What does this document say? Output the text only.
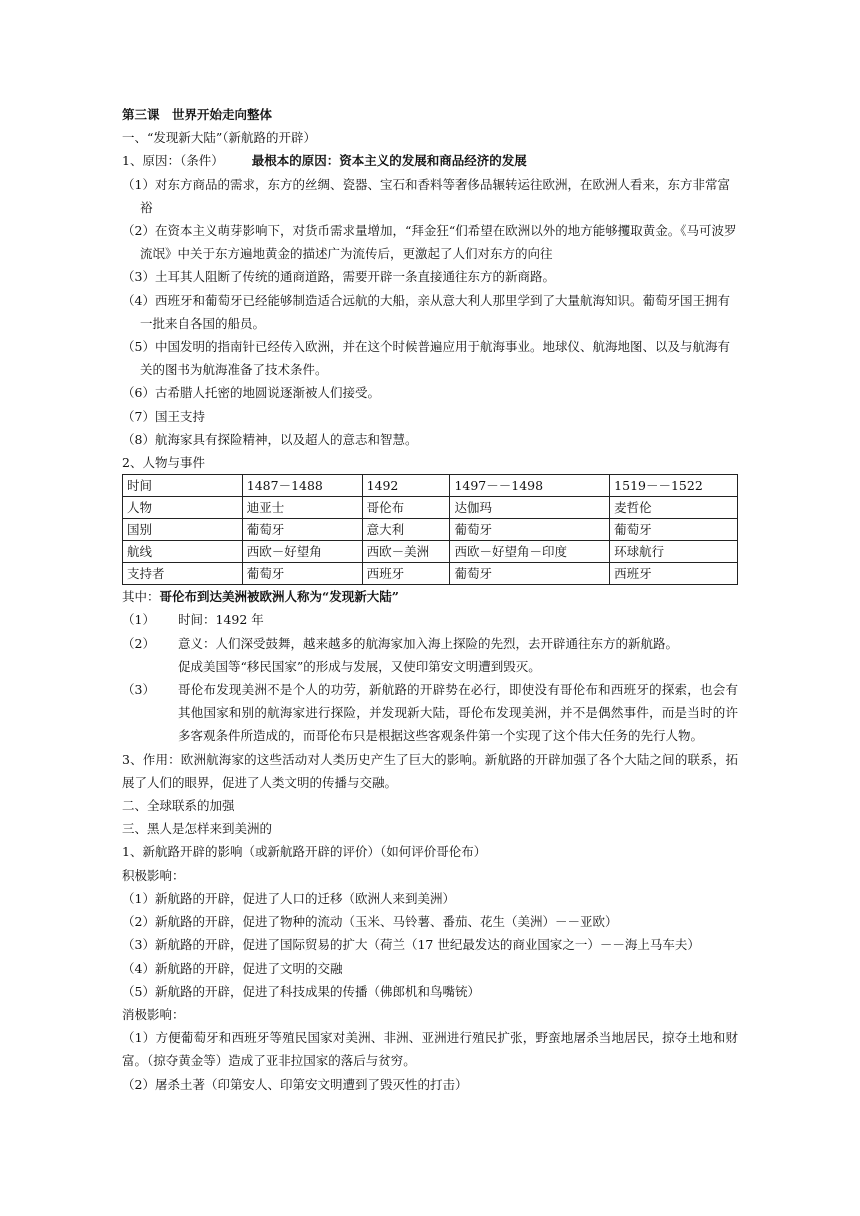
第三课　世界开始走向整体
一、“发现新大陆”（新航路的开辟）
1、原因：（条件） 最根本的原因：资本主义的发展和商品经济的发展
（1）对东方商品的需求，东方的丝绸、瓷器、宝石和香料等奢侈品辗转运往欧洲，在欧洲人看来，东方非常富裕
（2）在资本主义萌芽影响下，对货币需求量增加，“拜金狂“们希望在欧洲以外的地方能够攫取黄金。《马可波罗流氓》中关于东方遍地黄金的描述广为流传后，更激起了人们对东方的向往
（3）土耳其人阻断了传统的通商道路，需要开辟一条直接通往东方的新商路。
（4）西班牙和葡萄牙已经能够制造适合远航的大船，亲从意大利人那里学到了大量航海知识。葡萄牙国王拥有一批来自各国的船员。
（5）中国发明的指南针已经传入欧洲，并在这个时候普遍应用于航海事业。地球仪、航海地图、以及与航海有关的图书为航海准备了技术条件。
（6）古希腊人托密的地圆说逐渐被人们接受。
（7）国王支持
（8）航海家具有探险精神，以及超人的意志和智慧。
2、人物与事件
时间	1487－1488	1492	1497－－1498	1519－－1522
人物	迪亚士	哥伦布	达伽玛	麦哲伦
国别	葡萄牙	意大利	葡萄牙	葡萄牙
航线	西欧－好望角	西欧－美洲	西欧－好望角－印度	环球航行
支持者	葡萄牙	西班牙	葡萄牙	西班牙
其中：哥伦布到达美洲被欧洲人称为“发现新大陆”
（1）	时间：1492 年
（2）	意义：人们深受鼓舞，越来越多的航海家加入海上探险的先烈，去开辟通往东方的新航路。
促成美国等“移民国家”的形成与发展，又使印第安文明遭到毁灭。
（3）	哥伦布发现美洲不是个人的功劳，新航路的开辟势在必行，即使没有哥伦布和西班牙的探索，也会有其他国家和别的航海家进行探险，并发现新大陆，哥伦布发现美洲，并不是偶然事件，而是当时的许多客观条件所造成的，而哥伦布只是根据这些客观条件第一个实现了这个伟大任务的先行人物。
3、作用：欧洲航海家的这些活动对人类历史产生了巨大的影响。新航路的开辟加强了各个大陆之间的联系，拓展了人们的眼界，促进了人类文明的传播与交融。
二、全球联系的加强
三、黑人是怎样来到美洲的
1、新航路开辟的影响（或新航路开辟的评价）（如何评价哥伦布）
积极影响：
（1）新航路的开辟，促进了人口的迁移（欧洲人来到美洲）
（2）新航路的开辟，促进了物种的流动（玉米、马铃薯、番茄、花生（美洲）－－亚欧）
（3）新航路的开辟，促进了国际贸易的扩大（荷兰（17 世纪最发达的商业国家之一）－－海上马车夫）
（4）新航路的开辟，促进了文明的交融
（5）新航路的开辟，促进了科技成果的传播（佛郎机和鸟嘴铳）
消极影响：
（1）方便葡萄牙和西班牙等殖民国家对美洲、非洲、亚洲进行殖民扩张，野蛮地屠杀当地居民，掠夺土地和财富。（掠夺黄金等）造成了亚非拉国家的落后与贫穷。
（2）屠杀土著（印第安人、印第安文明遭到了毁灭性的打击）
